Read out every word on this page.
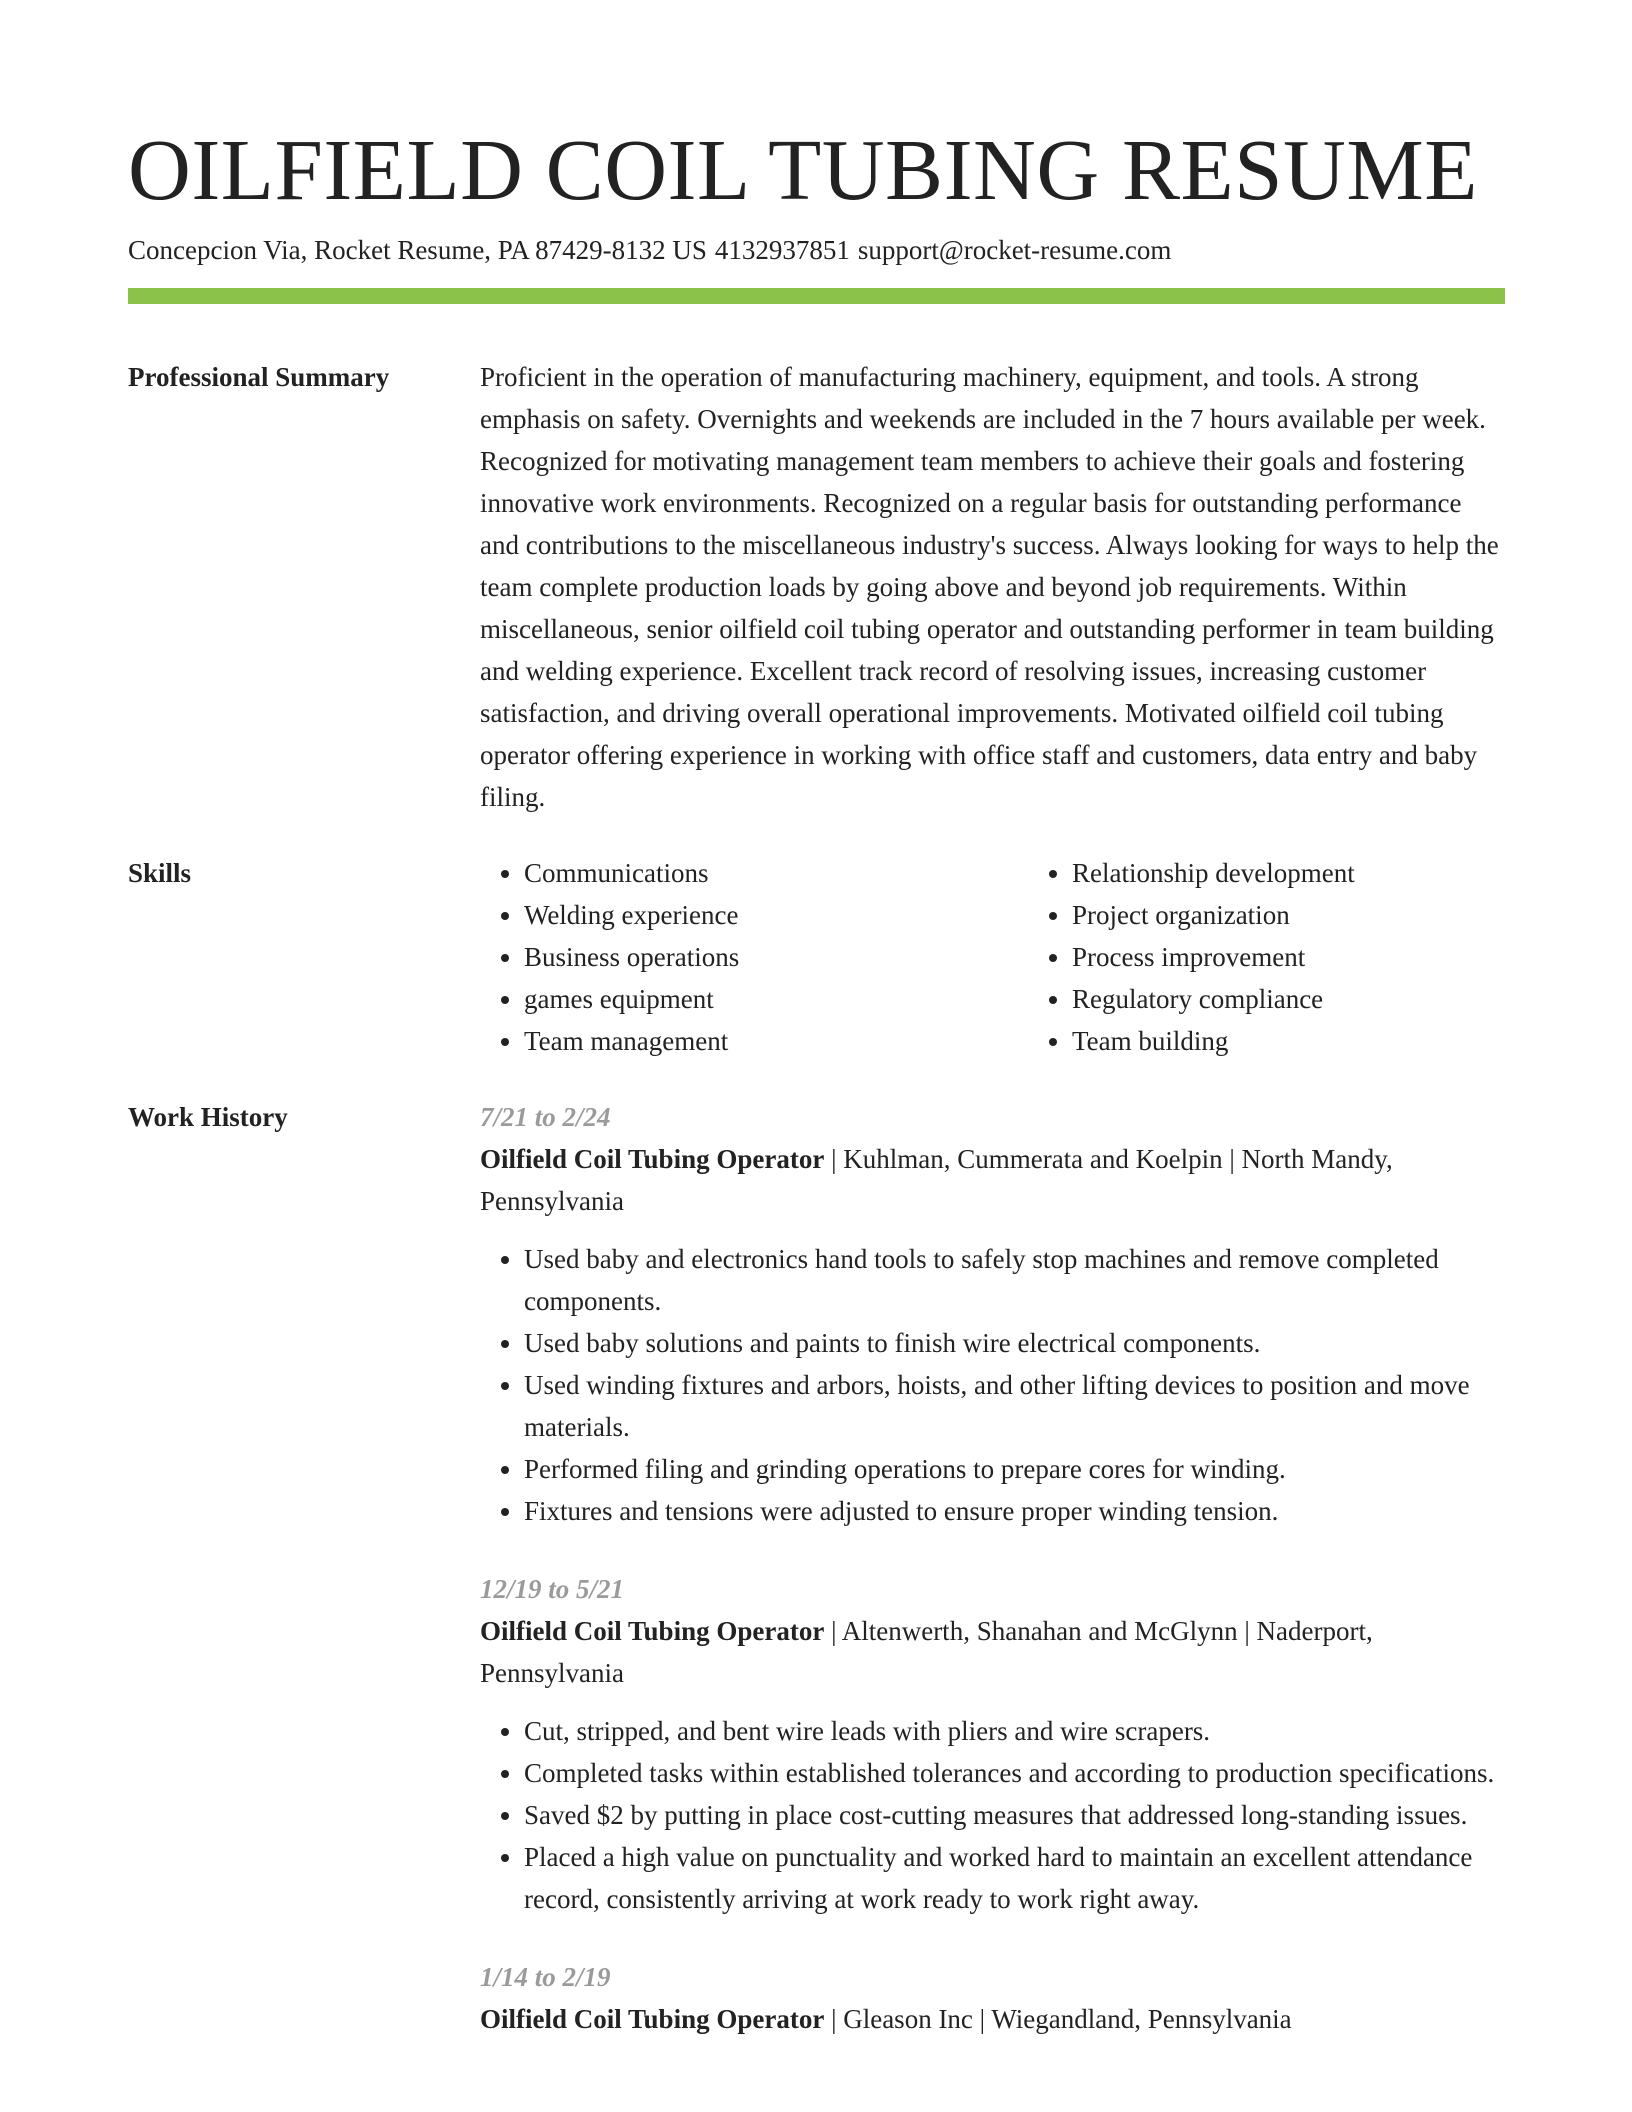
OILFIELD COIL TUBING RESUME
Concepcion Via, Rocket Resume, PA 87429-8132 US 4132937851 support@rocket-resume.com
Professional Summary	Proficient in the operation of manufacturing machinery, equipment, and tools. A strong emphasis on safety. Overnights and weekends are included in the 7 hours available per week. Recognized for motivating management team members to achieve their goals and fostering innovative work environments. Recognized on a regular basis for outstanding performance and contributions to the miscellaneous industry's success. Always looking for ways to help the team complete production loads by going above and beyond job requirements. Within miscellaneous, senior oilfield coil tubing operator and outstanding performer in team building and welding experience. Excellent track record of resolving issues, increasing customer satisfaction, and driving overall operational improvements. Motivated oilfield coil tubing operator offering experience in working with office staff and customers, data entry and baby filing.

Skills
•	Communications
• Welding experience
• Business operations
• games equipment
• Team management
• Relationship development
• Project organization
• Process improvement
• Regulatory compliance
• Team building
Work History	7/21 to 2/24
Oilfield Coil Tubing Operator | Kuhlman, Cummerata and Koelpin | North Mandy, Pennsylvania
• Used baby and electronics hand tools to safely stop machines and remove completed components.
• Used baby solutions and paints to finish wire electrical components.
• Used winding fixtures and arbors, hoists, and other lifting devices to position and move materials.
• Performed filing and grinding operations to prepare cores for winding.
• Fixtures and tensions were adjusted to ensure proper winding tension.
12/19 to 5/21
Oilfield Coil Tubing Operator | Altenwerth, Shanahan and McGlynn | Naderport, Pennsylvania
• Cut, stripped, and bent wire leads with pliers and wire scrapers.
• Completed tasks within established tolerances and according to production specifications.
• Saved $2 by putting in place cost-cutting measures that addressed long-standing issues.
• Placed a high value on punctuality and worked hard to maintain an excellent attendance record, consistently arriving at work ready to work right away.
1/14 to 2/19
Oilfield Coil Tubing Operator | Gleason Inc | Wiegandland, Pennsylvania
